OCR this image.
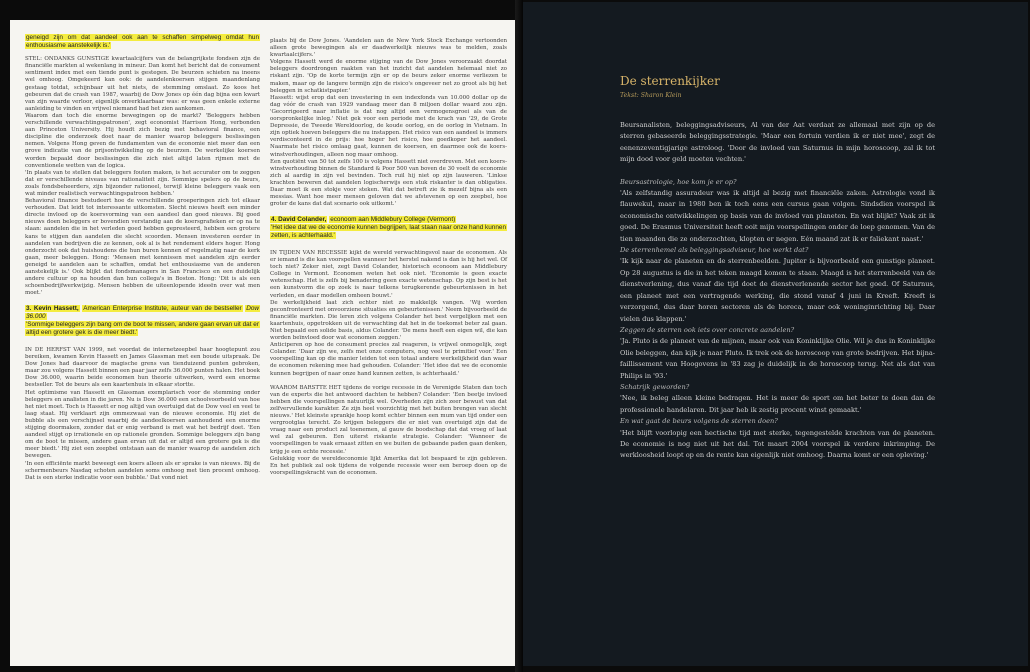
geneigd zijn om dat aandeel ook aan te schaffen simpelweg omdat hun enthousiasme aanstekelijk is.'

STEL: ONDANKS GUNSTIGE kwartaalcijfers van de belangrijkste fondsen zijn de financiële markten al wekenlang in mineur. Dan komt het bericht dat de consument sentiment index met een tiende punt is gestegen. De beurzen schieten na ineens wel omhoog. Omgekeerd kan ook: de aandelenkoersen stijgen maandenlang gestaag totdat, schijnbaar uit het niets, de stemming omslaat. Zo koos het gebeuren dat de crash van 1987, waarbij de Dow Jones op één dag bijna een kwart van zijn waarde verloor, eigenlijk onverklaarbaar was: er was geen enkele externe aanleiding te vinden en vrijwel niemand had het zien aankomen.

Waarom dan toch die enorme bewegingen op de markt? 'Beleggers hebben verschillende verwachtingspatronen', zegt economist Harrison Hong, verbonden aan Princeton University. Hij houdt zich bezig met behavioral finance, een discipline die onderzoek doet naar de manier waarop beleggers beslissingen nemen. Volgens Hong geven de fundamenten van de economie niet meer dan een grove indicatie van de prijsontwikkeling op de beurzen. De werkelijke koersen worden bepaald door beslissingen die zich niet altijd laten rijmen met de conventionele wetten van de logica.

'In plaats van te stellen dat beleggers fouten maken, is het accurater om te zeggen dat er verschillende niveaus van rationaliteit zijn. Sommige spelers op de beurs, zoals fondsbeheerders, zijn bijzonder rationeel, terwijl kleine beleggers vaak een wat minder realistisch verwachtingspatroon hebben.'

Behavioral finance bestudeert hoe de verschillende groeperingen zich tot elkaar verhouden. Dat leidt tot interessante uitkomsten. Slecht nieuws heeft een minder directe invloed op de koersvorming van een aandeel dan goed nieuws. Bij goed nieuws doen beleggers er bovendien verstandig aan de koersgrafieken er op na te slaan: aandelen die in het verleden goed hebben gepresteerd, hebben een grotere kans te stijgen dan aandelen die slecht scoorden. Mensen investeren eerder in aandelen van bedrijven die ze kennen, ook al is het rendement elders hoger. Hong onderzocht ook dat huishoudens die hun buren kennen of regelmatig naar de kerk gaan, meer beleggen. Hong: 'Mensen met kennissen met aandelen zijn eerder geneigd te aandelen aan te schaffen, omdat het enthousiasme van de anderen aanstekelijk is.' Ook blijkt dat fondsmanagers in San Francisco en een duidelijk andere cultuur op na houden dan hun collega's in Boston. Hong: 'Dit is als een schoenbedrijfwerkwijzig. Mensen hebben de uiteenlopende ideeën over wat men moet.'

3. Kevin Hassett, American Enterprise Institute, auteur van de bestseller Dow 36.000
'Sommige beleggers zijn bang om de boot te missen, andere gaan ervan uit dat er altijd een grotere gek is die meer biedt.'

IN DE HERFST VAN 1999, net voordat de internetzeepbel haar hoogtepunt zou bereiken, kwamen Kevin Hassett en James Glassman met een boude uitspraak. De Dow Jones had daarvoor de magische grens van tienduizend punten gebroken, maar zou volgens Hassett binnen een paar jaar zelfs 36.000 punten halen. Het boek Dow 36.000, waarin beide economen hun theorie uitwerken, werd een enorme bestseller. Tot de beurs als een kaartenhuis in elkaar stortte.

Het optimisme van Hassett en Glassman exemplarisch voor de stemming onder beleggers en analisten in die jaren. Nu is Dow 36.000 een schoolvoorbeeld van hoe het niet moet. Toch is Hassett er nog altijd van overtuigd dat de Dow veel en veel te laag staat. Hij verklaart zijn ommezwaai van de nieuwe economie. Hij ziet de bubble als een verschijnsel waarbij de aandeelkoersen aanhoudend een enorme stijging doormaken, zonder dat er enig verband is met wat het bedrijf doet. 'Een aandeel stijgt op irrationele en op rationele gronden. Sommige beleggers zijn bang om de boot te missen, andere gaan ervan uit dat er altijd een grotere gek is die meer biedt.' Hij ziet een zeepbel ontstaan aan de manier waarop de aandelen zich bewegen.

'In een efficiënte markt beweegt een koers alleen als er sprake is van nieuws. Bij de schermenbeurs Nasdaq schoten aandelen soms omhoog met tien procent omhoog. Dat is een sterke indicatie voor een bubble.' Dat vond niet

plaats bij de Dow Jones. 'Aandelen aan de New York Stock Exchange vertoonden alleen grote bewegingen als er daadwerkelijk nieuws was te melden, zoals kwartaalcijfers.'

Volgens Hassett werd de enorme stijging van de Dow Jones veroorzaakt doordat beleggers doordrongen raakten van het inzicht dat aandelen helemaal niet zo riskant zijn. 'Op de korte termijn zijn er op de beurs zeker enorme verliezen te maken, maar op de langere termijn zijn de risico's ongeveer net zo groot als bij het beleggen in schatkistpapier.'

Hassett: wijst erop dat een investering in een indexfonds van 10.000 dollar op de dag vóór de crash van 1929 vandaag meer dan 8 miljoen dollar waard zou zijn. 'Gecorrigeerd naar inflatie is dat nog altijd een vermogensgroei als van de oorspronkelijke inleg.' Niet gek voor een periode met de krach van '29, de Grote Depressie, de Tweede Wereldoorlog, de koude oorlog, en de oorlog in Vietnam. In zijn optiek hoeven beleggers die nu instappen. Het risico van een aandeel is immers verdisconteerd in de prijs: hoe hoger het risico, hoe goedkoper het aandeel. Naarmate het risico omlaag gaat, kunnen de koersen, en daarmee ook de koers-winstverhoudingen, alleen nog maar omhoog.

Een quotiënt van 50 tot zelfs 100 is volgens Hassett niet overdreven. Met een koers-winstverhouding binnen de Standard & Poor 500 van boven de 30 voelt de economie zich al aardig in zijn vel bevinden. Toch ruil hij niet op zijn lauweren. 'Linkse krachten beweren dat aandelen logischerwijs een stuk riskanter is dan obligaties. Daar moet ik een stokje voor steken. Wat dat betreft zie ik mezelf bijna als een messias. Want hoe meer mensen geloven dat we afstevenen op een zeepbel, hoe groter de kans dat dat scenario ook uitkomt.'

4. David Colander, econoom aan Middlebury College (Vermont)
'Het idee dat we de economie kunnen begrijpen, laat staan naar onze hand kunnen zetten, is achterhaald.'

IN TIJDEN VAN RECESSIE kijkt de wereld verwachtingsvol naar de economen. Als er iemand is die kan voorspellen wanneer het herstel nakend is dan is hij het wel. Of toch niet? Zeker niet, zegt David Colander, historisch econoom aan Middlebury College in Vermont. Economen weten het ook niet. 'Economie is geen exacte wetenschap. Het is zelfs bij benadering geen exacte wetenschap. Op zijn best is het een kunstvorm die op zoek is naar telkens terugkerende gebeurtenissen in het verleden, en daar modellen omheen bouwt.'

De werkelijkheid laat zich echter niet zo makkelijk vangen. 'Wij worden geconfronteerd met onvoorziene situaties en gebeurtenissen.' Neem bijvoorbeeld de financiële markten. Die leren zich volgens Colander het best vergelijken met een kaartenhuis, opgetrokken uit de verwachting dat het in de toekomst beter zal gaan. Niet bepaald een solide basis, aldus Colander. 'De mens heeft een eigen wil, die kan worden beïnvloed door wat economen zeggen.'

Anticiperen op hoe de consument precies zal reageren, is vrijwel onmogelijk, zegt Colander. 'Daar zijn we, zelfs met onze computers, nog veel te primitief voor.' Een voorspelling kan op die manier leiden tot een totaal andere werkelijkheid dan waar de economen rekening mee had gehouden. Colander: 'Het idee dat we de economie kunnen begrijpen of naar onze hand kunnen zetten, is achterhaald.'

WAAROM BARSTTE HET tijdens de vorige recessie in de Verenigde Staten dan toch van de experts die het antwoord dachten te hebben? Colander: 'Een beetje invloed hebben die voorspellingen natuurlijk wel. Overheden zijn zich zeer bewust van dat zelfvervullende karakter. Ze zijn heel voorzichtig met het buiten brengen van slecht nieuws.' Het kleinste sprankje hoop komt echter binnen een mum van tijd onder een vergrootglas terecht. Zo krijgen beleggers die er niet van overtuigd zijn dat de vraag naar een product zal toenemen, al gauw de boodschap dat dat vroeg of laat wel zal gebeuren. Een uiterst riskante strategie. Colander: 'Wanneer de voorspellingen te vaak ernaast zitten en we buiten de gebaande paden gaan denken, krijg je een echte recessie.'

Gelukkig voor de wereldeconomie lijkt Amerika dat lot bespaard te zijn gebleven. En het publiek zal ook tijdens de volgende recessie weer een beroep doen op de voorspellingskracht van de economen.

De sterrenkijker
Tekst: Sharon Klein

Beursanalisten, beleggingsadviseurs, Al van der Aat verdaat ze allemaal met zijn op de sterren gebaseerde beleggingsstrategie. 'Maar een fortuin verdien ik er niet mee', zegt de eenenzeventigjarige astroloog. 'Door de invloed van Saturnus in mijn horoscoop, zal ik tot mijn dood voor geld moeten vechten.'

Beursastrologie, hoe kom je er op?

'Als zelfstandig assuradeur was ik altijd al bezig met financiële zaken. Astrologie vond ik flauwekul, maar in 1980 ben ik toch eens een cursus gaan volgen. Sindsdien voorspel ik economische ontwikkelingen op basis van de invloed van planeten. En wat blijkt? Vaak zit ik goed. De Erasmus Universiteit heeft ooit mijn voorspellingen onder de loep genomen. Van de tien maanden die ze onderzochten, klopten er negen. Eén maand zat ik er faliekant naast.'

De sterrenhemel als beleggingsadviseur, hoe werkt dat?

'Ik kijk naar de planeten en de sterrenbeelden. Jupiter is bijvoorbeeld een gunstige planeet. Op 28 augustus is die in het teken maagd komen te staan. Maagd is het sterrenbeeld van de dienstverlening, dus vanaf die tijd doet de dienstverlenende sector het goed. Of Saturnus, een planeet met een vertragende werking, die stond vanaf 4 juni in Kreeft. Kreeft is verzorgend, dus daar horen sectoren als de horeca, maar ook woninginrichting bij. Daar vielen dus klappen.'

Zeggen de sterren ook iets over concrete aandelen?

'Ja. Pluto is de planeet van de mijnen, maar ook van Koninklijke Olie. Wil je dus in Koninklijke Olie beleggen, dan kijk je naar Pluto. Ik trek ook de horoscoop van grote bedrijven. Het bijna-faillissement van Hoogovens in '83 zag je duidelijk in de horoscoop terug. Net als dat van Philips in '93.'

Schatrijk geworden?

'Nee, ik beleg alleen kleine bedragen. Het is meer de sport om het beter te doen dan de professionele handelaren. Dit jaar heb ik zestig procent winst gemaakt.'

En wat gaat de beurs volgens de sterren doen?

'Het blijft voorlopig een hectische tijd met sterke, tegengestelde krachten van de planeten. De economie is nog niet uit het dal. Tot maart 2004 voorspel ik verdere inkrimping. De werkloosheid loopt op en de rente kan eigenlijk niet omhoog. Daarna komt er een opleving.'
